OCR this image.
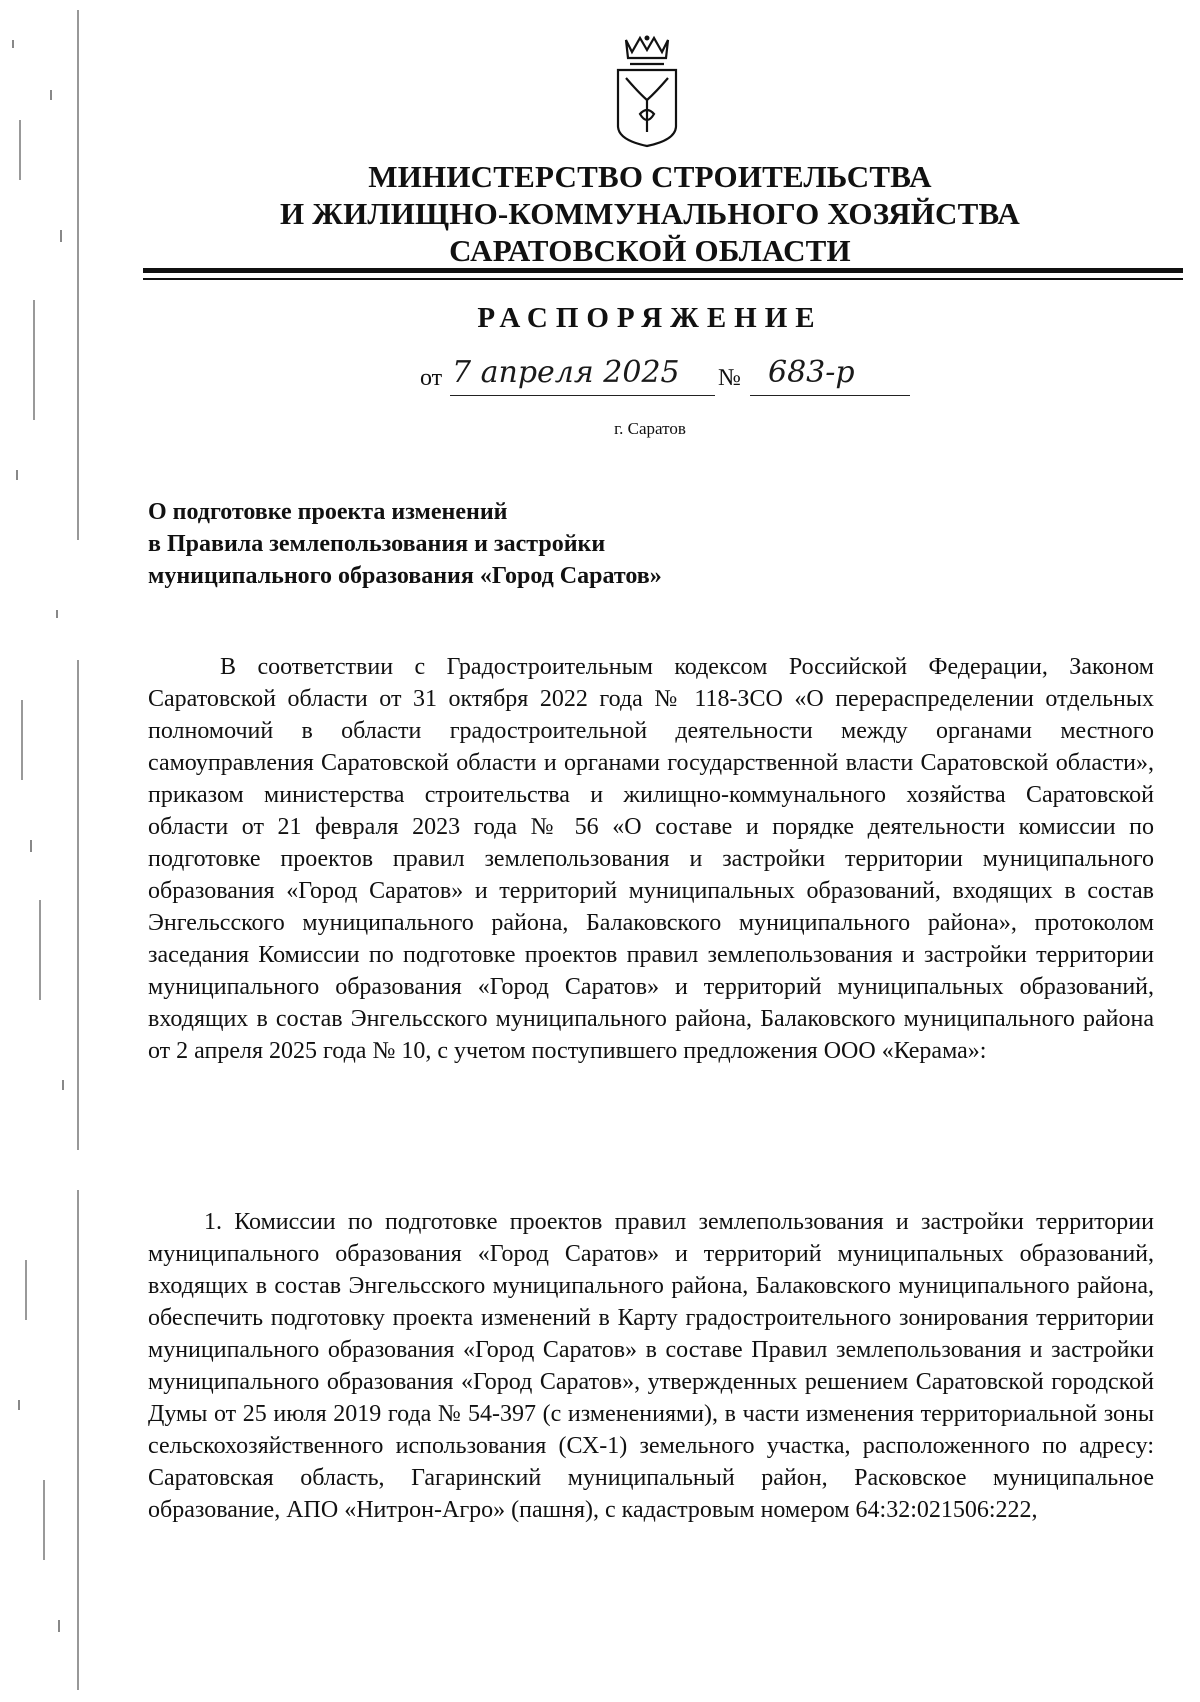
МИНИСТЕРСТВО СТРОИТЕЛЬСТВА
И ЖИЛИЩНО-КОММУНАЛЬНОГО ХОЗЯЙСТВА
САРАТОВСКОЙ ОБЛАСТИ
РАСПОРЯЖЕНИЕ
от 7 апреля 2025 № 683-р
г. Саратов
О подготовке проекта изменений
в Правила землепользования и застройки
муниципального образования «Город Саратов»
В соответствии с Градостроительным кодексом Российской Федерации, Законом Саратовской области от 31 октября 2022 года № 118-ЗСО «О перераспределении отдельных полномочий в области градостроительной деятельности между органами местного самоуправления Саратовской области и органами государственной власти Саратовской области», приказом министерства строительства и жилищно-коммунального хозяйства Саратовской области от 21 февраля 2023 года № 56 «О составе и порядке деятельности комиссии по подготовке проектов правил землепользования и застройки территории муниципального образования «Город Саратов» и территорий муниципальных образований, входящих в состав Энгельсского муниципального района, Балаковского муниципального района», протоколом заседания Комиссии по подготовке проектов правил землепользования и застройки территории муниципального образования «Город Саратов» и территорий муниципальных образований, входящих в состав Энгельсского муниципального района, Балаковского муниципального района от 2 апреля 2025 года № 10, с учетом поступившего предложения ООО «Керама»:
1. Комиссии по подготовке проектов правил землепользования и застройки территории муниципального образования «Город Саратов» и территорий муниципальных образований, входящих в состав Энгельсского муниципального района, Балаковского муниципального района, обеспечить подготовку проекта изменений в Карту градостроительного зонирования территории муниципального образования «Город Саратов» в составе Правил землепользования и застройки муниципального образования «Город Саратов», утвержденных решением Саратовской городской Думы от 25 июля 2019 года № 54-397 (с изменениями), в части изменения территориальной зоны сельскохозяйственного использования (СХ-1) земельного участка, расположенного по адресу: Саратовская область, Гагаринский муниципальный район, Расковское муниципальное образование, АПО «Нитрон-Агро» (пашня), с кадастровым номером 64:32:021506:222,
